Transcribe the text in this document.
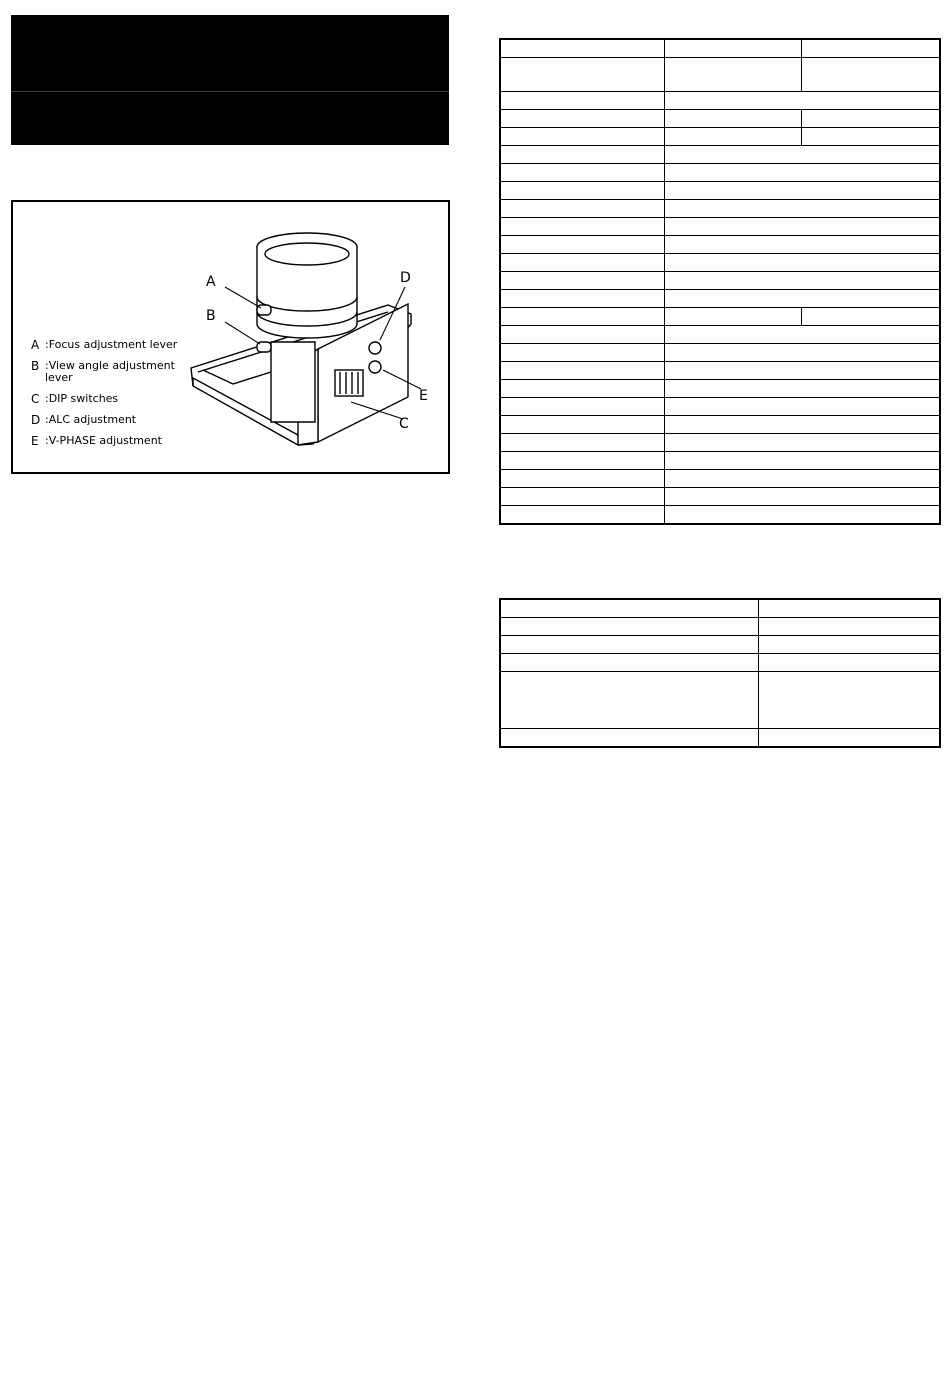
A
B
C
D
E
A :Focus adjustment lever
B :View angle adjustment lever
C :DIP switches
D :ALC adjustment
E :V-PHASE adjustment
